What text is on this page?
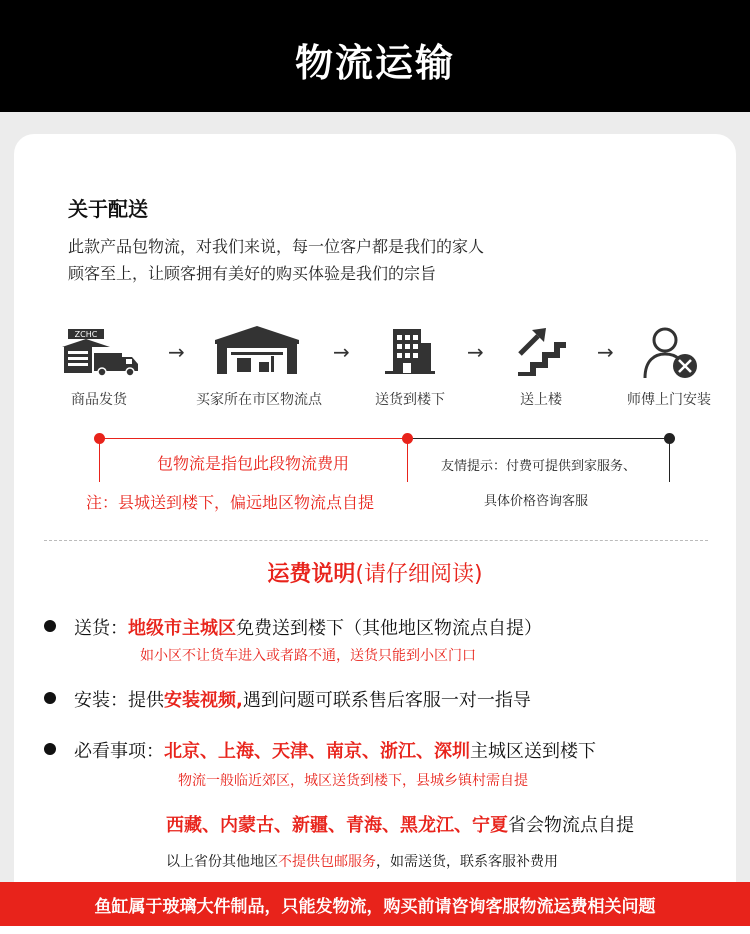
物流运输
关于配送
此款产品包物流，对我们来说，每一位客户都是我们的家人
顾客至上，让顾客拥有美好的购买体验是我们的宗旨
ZCHC
→	→	→	→
商品发货	买家所在市区物流点	送货到楼下	送上楼	师傅上门安装
包物流是指包此段物流费用
注：县城送到楼下，偏远地区物流点自提
友情提示：付费可提供到家服务、
具体价格咨询客服
运费说明(请仔细阅读)
送货：地级市主城区免费送到楼下（其他地区物流点自提）
如小区不让货车进入或者路不通，送货只能到小区门口
安装：提供安装视频,遇到问题可联系售后客服一对一指导
必看事项：北京、上海、天津、南京、浙江、深圳主城区送到楼下
物流一般临近郊区，城区送货到楼下，县城乡镇村需自提
西藏、内蒙古、新疆、青海、黑龙江、宁夏省会物流点自提
以上省份其他地区不提供包邮服务，如需送货，联系客服补费用
鱼缸属于玻璃大件制品，只能发物流，购买前请咨询客服物流运费相关问题
